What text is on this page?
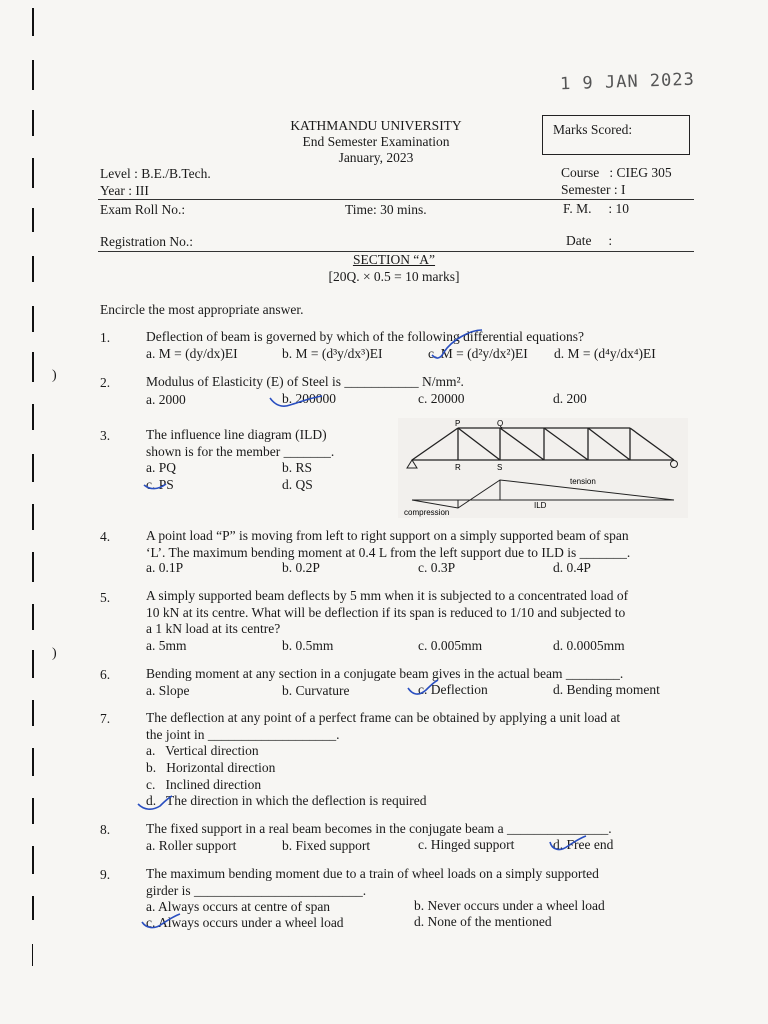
)
)
1 9 JAN 2023
KATHMANDU UNIVERSITY
End Semester Examination
January, 2023
Marks Scored:
Level : B.E./B.Tech.
Year : III
Exam Roll No.:	Time: 30 mins.
Course   : CIEG 305
Semester : I
F. M.     : 10
Registration No.:	Date     :
SECTION “A”
[20Q. × 0.5 = 10 marks]
Encircle the most appropriate answer.
1.	Deflection of beam is governed by which of the following differential equations?
a. M = (dy/dx)EI	b. M = (d³y/dx³)EI	c. M = (d²y/dx²)EI d. M = (d⁴y/dx⁴)EI
2.	Modulus of Elasticity (E) of Steel is ___________ N/mm².
a. 2000	b. 200000	c. 20000	d. 200
3.	The influence line diagram (ILD)
shown is for the member _______.
a. PQ	b. RS
c. PS	d. QS
P	Q
R	S
tension
compression
ILD
4.	A point load “P” is moving from left to right support on a simply supported beam of span
‘L’. The maximum bending moment at 0.4 L from the left support due to ILD is _______.
a. 0.1P	b. 0.2P	c. 0.3P	d. 0.4P
5.	A simply supported beam deflects by 5 mm when it is subjected to a concentrated load of
10 kN at its centre. What will be deflection if its span is reduced to 1/10 and subjected to
a 1 kN load at its centre?
a. 5mm	b. 0.5mm	c. 0.005mm	d. 0.0005mm
6.	Bending moment at any section in a conjugate beam gives in the actual beam ________.
a. Slope	b. Curvature	c. Deflection	d. Bending moment
7.	The deflection at any point of a perfect frame can be obtained by applying a unit load at
the joint in ___________________.
a.   Vertical direction
b.   Horizontal direction
c.   Inclined direction
d.   The direction in which the deflection is required
8.	The fixed support in a real beam becomes in the conjugate beam a _______________.
a. Roller support	b. Fixed support	c. Hinged support	d. Free end
9.	The maximum bending moment due to a train of wheel loads on a simply supported
girder is _________________________.
a. Always occurs at centre of span	b. Never occurs under a wheel load
c. Always occurs under a wheel load	d. None of the mentioned
